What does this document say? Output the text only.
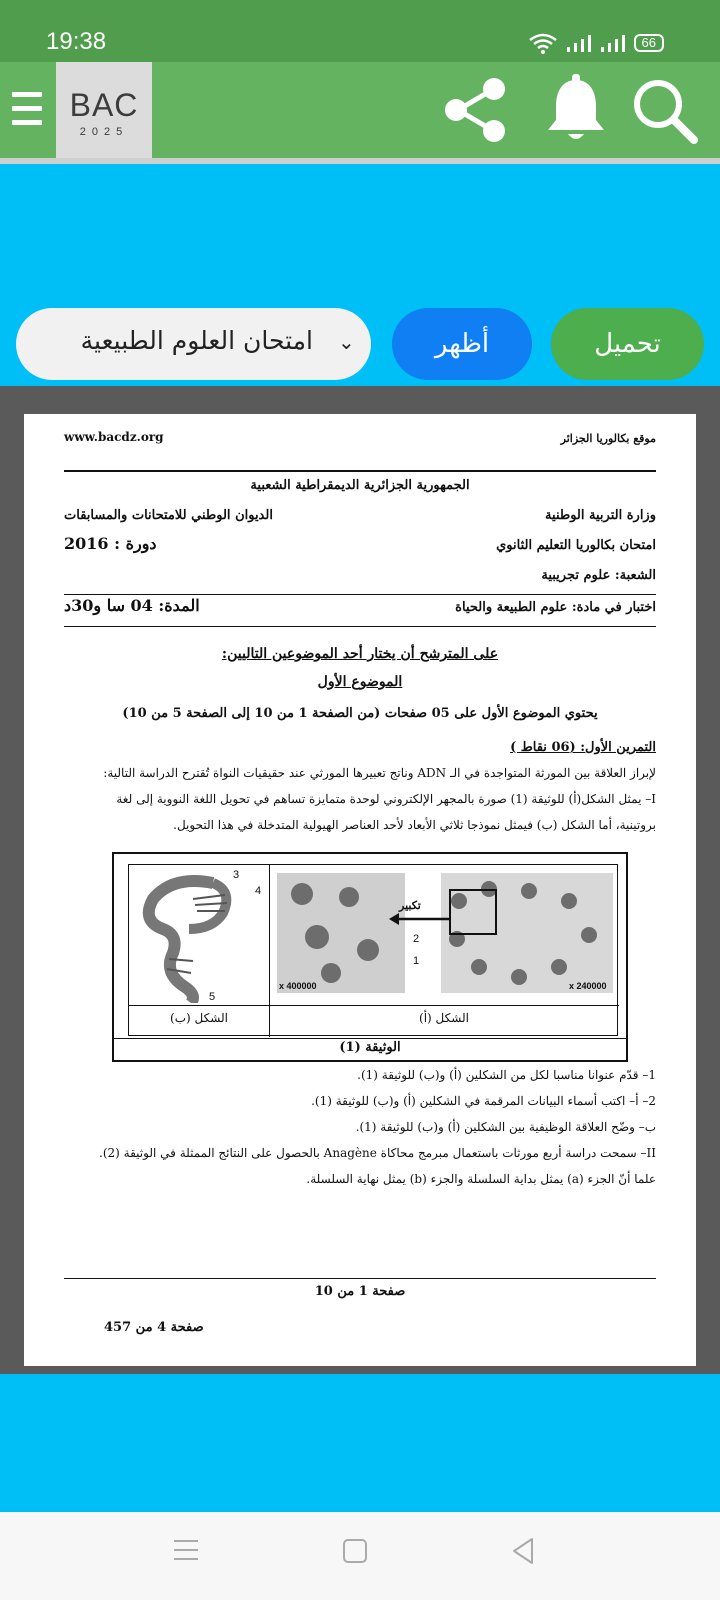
19:38	66
BAC
2025
امتحان العلوم الطبيعية ⌄	أظهر	تحميل
www.bacdz.org	موقع بكالوريا الجزائر
الجمهورية الجزائرية الديمقراطية الشعبية
وزارة التربية الوطنية
الديوان الوطني للامتحانات والمسابقات
امتحان بكالوريا التعليم الثانوي
دورة : 2016
الشعبة: علوم تجريبية
اختبار في مادة: علوم الطبيعة والحياة
المدة: 04 سا و30د
على المترشح أن يختار أحد الموضوعين التاليين:
الموضوع الأول
يحتوي الموضوع الأول على 05 صفحات (من الصفحة 1 من 10 إلى الصفحة 5 من 10)
التمرين الأول: (06 نقاط )
لإبراز العلاقة بين المورثة المتواجدة في الـ ADN وناتج تعبيرها المورثي عند حقيقيات النواة تُقترح الدراسة التالية:
I– يمثل الشكل(أ) للوثيقة (1) صورة بالمجهر الإلكتروني لوحدة متمايزة تساهم في تحويل اللغة النووية إلى لغة
بروتينية، أما الشكل (ب) فيمثل نموذجا ثلاثي الأبعاد لأحد العناصر الهيولية المتدخلة في هذا التحويل.
3
4
5
x 400000
2
1
x 240000
تكبير
الشكل (ب)	الشكل (أ)
الوثيقة (1)
1– قدّم عنوانا مناسبا لكل من الشكلين (أ) و(ب) للوثيقة (1).
2– أ– اكتب أسماء البيانات المرقمة في الشكلين (أ) و(ب) للوثيقة (1).
ب– وضّح العلاقة الوظيفية بين الشكلين (أ) و(ب) للوثيقة (1).
II– سمحت دراسة أربع مورثات باستعمال مبرمج محاكاة Anagène بالحصول على النتائج الممثلة في الوثيقة (2).
علما أنّ الجزء (a) يمثل بداية السلسلة والجزء (b) يمثل نهاية السلسلة.
صفحة 1 من 10
صفحة 4 من 457
